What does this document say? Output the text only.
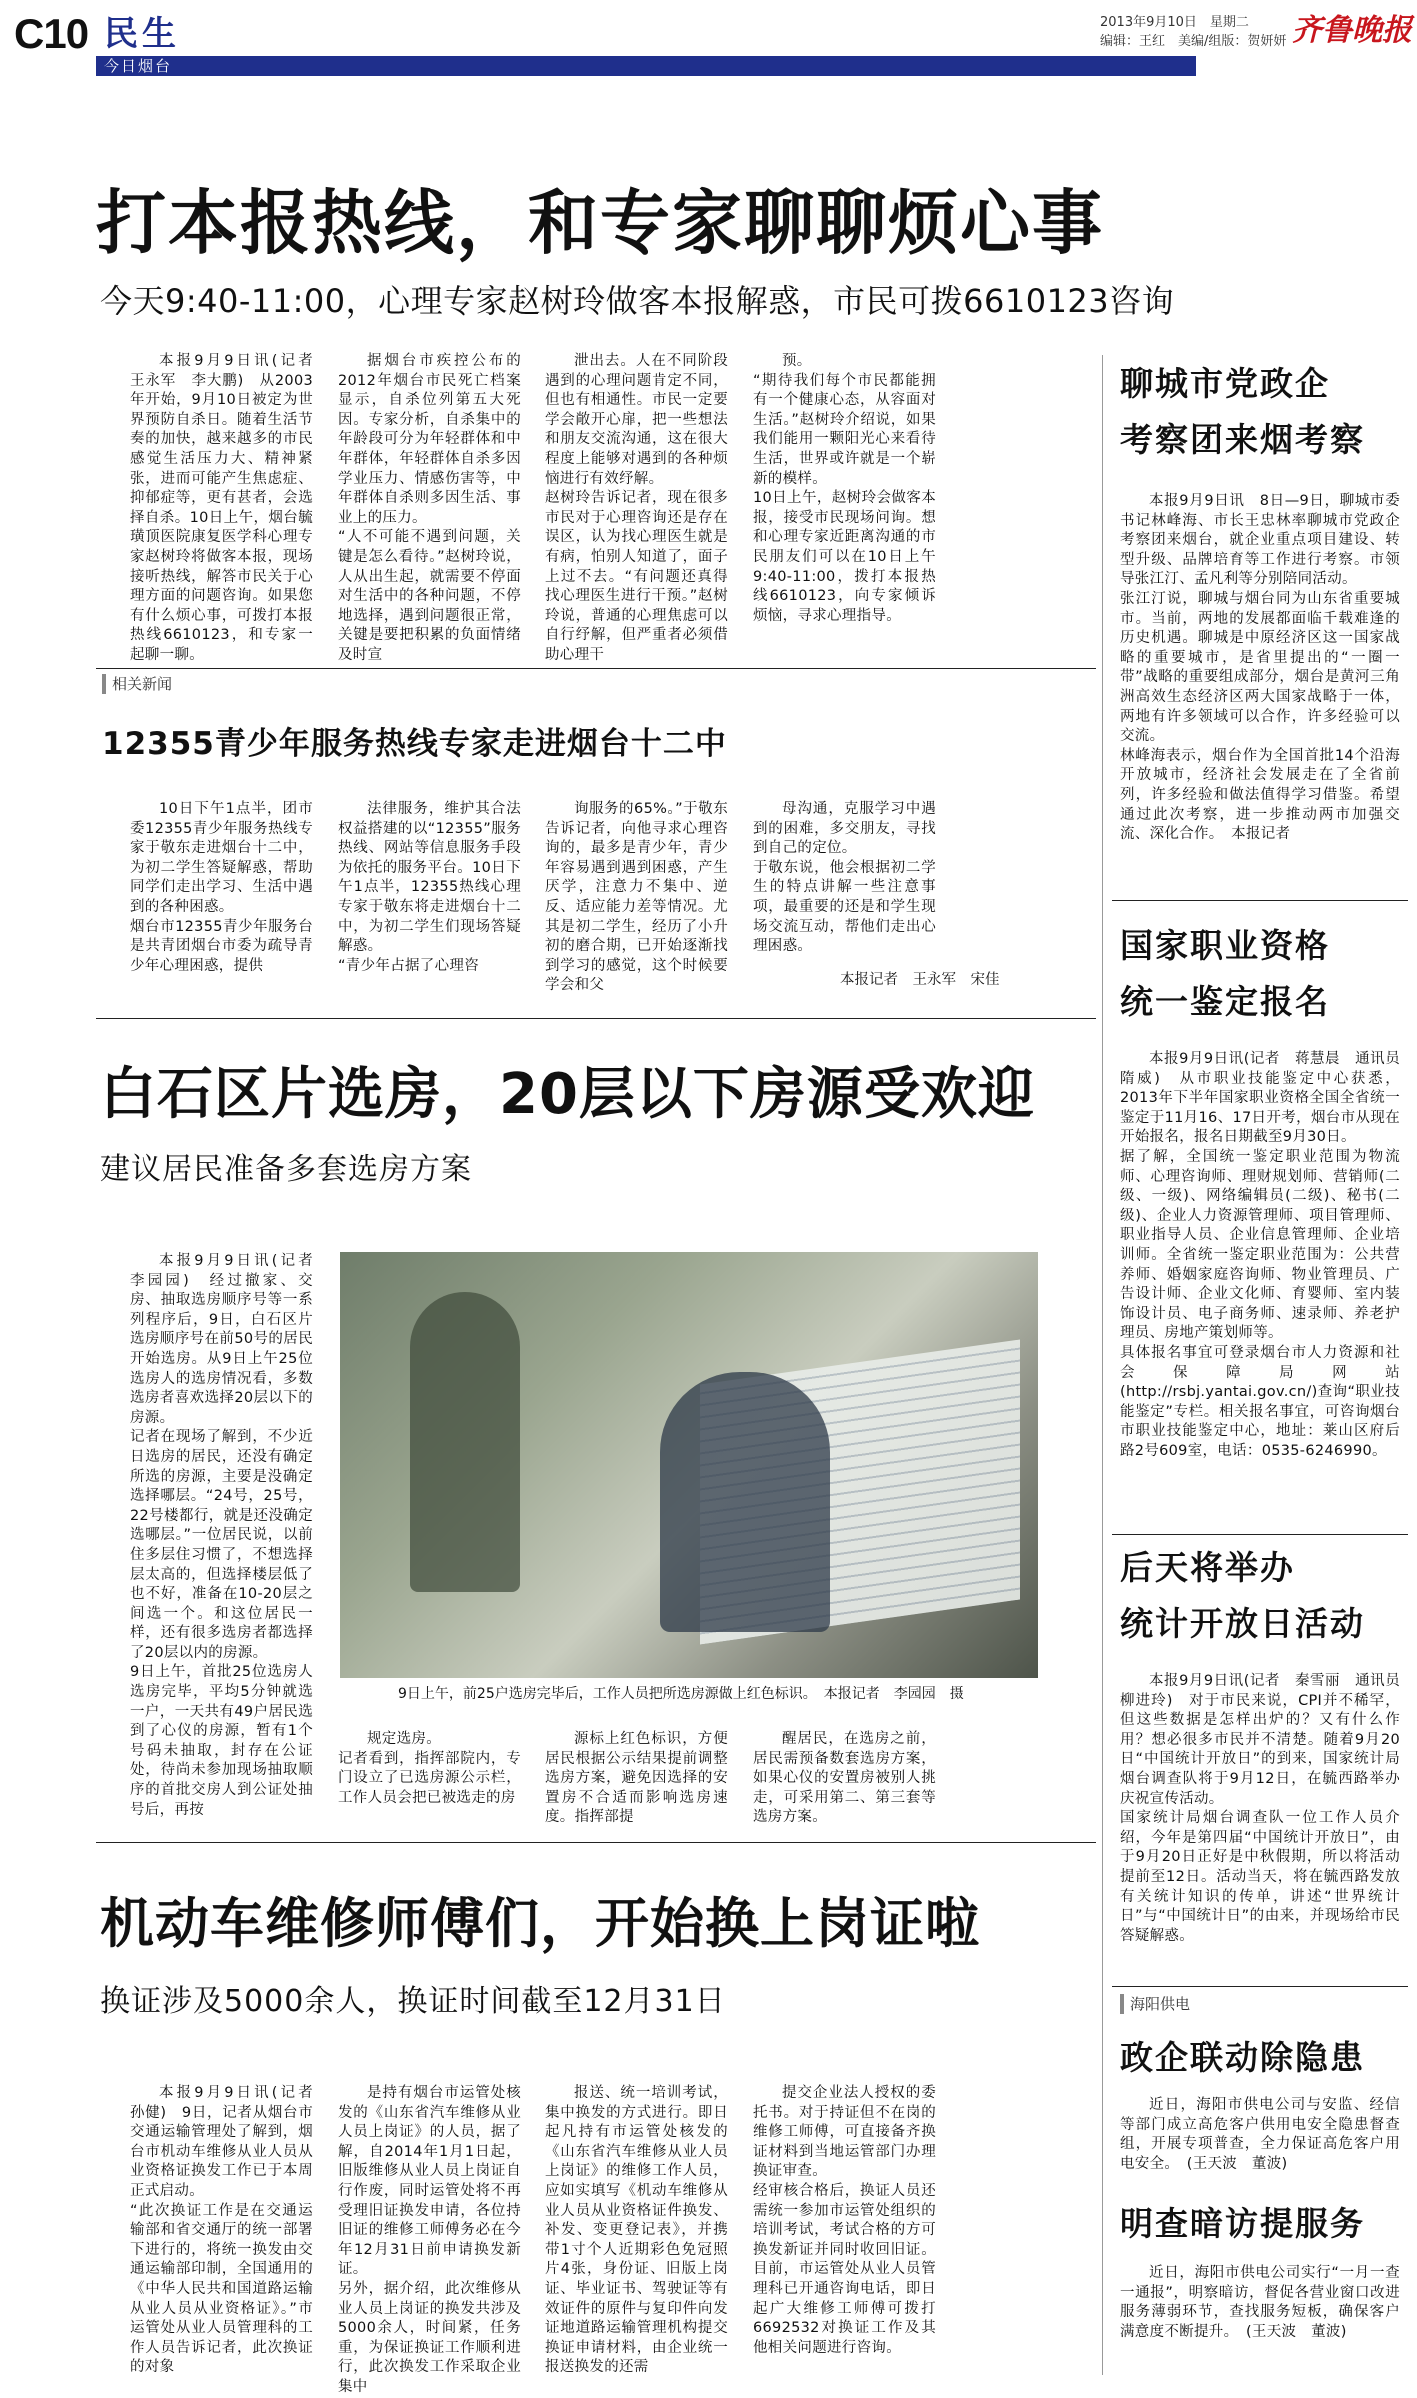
C10 民生
今日烟台
2013年9月10日　星期二
编辑：王红　美编/组版：贺妍妍 齐鲁晚报
打本报热线，和专家聊聊烦心事
今天9:40-11:00，心理专家赵树玲做客本报解惑，市民可拨6610123咨询

本报9月9日讯(记者　王永军　李大鹏)　从2003年开始，9月10日被定为世界预防自杀日。随着生活节奏的加快，越来越多的市民感觉生活压力大、精神紧张，进而可能产生焦虑症、抑郁症等，更有甚者，会选择自杀。10日上午，烟台毓璜顶医院康复医学科心理专家赵树玲将做客本报，现场接听热线，解答市民关于心理方面的问题咨询。如果您有什么烦心事，可拨打本报热线6610123，和专家一起聊一聊。

据烟台市疾控公布的2012年烟台市民死亡档案显示，自杀位列第五大死因。专家分析，自杀集中的年龄段可分为年轻群体和中年群体，年轻群体自杀多因学业压力、情感伤害等，中年群体自杀则多因生活、事业上的压力。
“人不可能不遇到问题，关键是怎么看待。”赵树玲说，人从出生起，就需要不停面对生活中的各种问题，不停地选择，遇到问题很正常，关键是要把积累的负面情绪及时宣

泄出去。人在不同阶段遇到的心理问题肯定不同，但也有相通性。市民一定要学会敞开心扉，把一些想法和朋友交流沟通，这在很大程度上能够对遇到的各种烦恼进行有效纾解。
赵树玲告诉记者，现在很多市民对于心理咨询还是存在误区，认为找心理医生就是有病，怕别人知道了，面子上过不去。“有问题还真得找心理医生进行干预。”赵树玲说，普通的心理焦虑可以自行纾解，但严重者必须借助心理干

预。
“期待我们每个市民都能拥有一个健康心态，从容面对生活。”赵树玲介绍说，如果我们能用一颗阳光心来看待生活，世界或许就是一个崭新的模样。
10日上午，赵树玲会做客本报，接受市民现场问询。想和心理专家近距离沟通的市民朋友们可以在10日上午9:40-11:00，拨打本报热线6610123，向专家倾诉烦恼，寻求心理指导。

相关新闻
12355青少年服务热线专家走进烟台十二中

10日下午1点半，团市委12355青少年服务热线专家于敬东走进烟台十二中，为初二学生答疑解惑，帮助同学们走出学习、生活中遇到的各种困惑。
烟台市12355青少年服务台是共青团烟台市委为疏导青少年心理困惑，提供

法律服务，维护其合法权益搭建的以“12355”服务热线、网站等信息服务手段为依托的服务平台。10日下午1点半，12355热线心理专家于敬东将走进烟台十二中，为初二学生们现场答疑解惑。
“青少年占据了心理咨

询服务的65%。”于敬东告诉记者，向他寻求心理咨询的，最多是青少年，青少年容易遇到遇到困惑，产生厌学，注意力不集中、逆反、适应能力差等情况。尤其是初二学生，经历了小升初的磨合期，已开始逐渐找到学习的感觉，这个时候要学会和父

母沟通，克服学习中遇到的困难，多交朋友，寻找到自己的定位。
于敬东说，他会根据初二学生的特点讲解一些注意事项，最重要的还是和学生现场交流互动，帮他们走出心理困惑。

本报记者　王永军　宋佳
白石区片选房，20层以下房源受欢迎
建议居民准备多套选房方案

本报9月9日讯(记者　李园园)　经过撤家、交房、抽取选房顺序号等一系列程序后，9日，白石区片选房顺序号在前50号的居民开始选房。从9日上午25位选房人的选房情况看，多数选房者喜欢选择20层以下的房源。
记者在现场了解到，不少近日选房的居民，还没有确定所选的房源，主要是没确定选择哪层。“24号，25号，22号楼都行，就是还没确定选哪层。”一位居民说，以前住多层住习惯了，不想选择层太高的，但选择楼层低了也不好，准备在10-20层之间选一个。和这位居民一样，还有很多选房者都选择了20层以内的房源。
9日上午，首批25位选房人选房完毕，平均5分钟就选一户，一天共有49户居民选到了心仪的房源，暂有1个号码未抽取，封存在公证处，待尚未参加现场抽取顺序的首批交房人到公证处抽号后，再按

9日上午，前25户选房完毕后，工作人员把所选房源做上红色标识。　本报记者　李园园　摄

规定选房。
记者看到，指挥部院内，专门设立了已选房源公示栏，工作人员会把已被选走的房

源标上红色标识，方便居民根据公示结果提前调整选房方案，避免因选择的安置房不合适而影响选房速度。指挥部提

醒居民，在选房之前，居民需预备数套选房方案，如果心仪的安置房被别人挑走，可采用第二、第三套等选房方案。

机动车维修师傅们，开始换上岗证啦
换证涉及5000余人，换证时间截至12月31日

本报9月9日讯(记者　孙健)　9日，记者从烟台市交通运输管理处了解到，烟台市机动车维修从业人员从业资格证换发工作已于本周正式启动。
“此次换证工作是在交通运输部和省交通厅的统一部署下进行的，将统一换发由交通运输部印制，全国通用的《中华人民共和国道路运输从业人员从业资格证》。”市运管处从业人员管理科的工作人员告诉记者，此次换证的对象

是持有烟台市运管处核发的《山东省汽车维修从业人员上岗证》的人员，据了解，自2014年1月1日起，旧版维修从业人员上岗证自行作废，同时运管处将不再受理旧证换发申请，各位持旧证的维修工师傅务必在今年12月31日前申请换发新证。
另外，据介绍，此次维修从业人员上岗证的换发共涉及5000余人，时间紧，任务重，为保证换证工作顺利进行，此次换发工作采取企业集中

报送、统一培训考试，集中换发的方式进行。即日起凡持有市运管处核发的《山东省汽车维修从业人员上岗证》的维修工作人员，应如实填写《机动车维修从业人员从业资格证件换发、补发、变更登记表》，并携带1寸个人近期彩色免冠照片4张，身份证、旧版上岗证、毕业证书、驾驶证等有效证件的原件与复印件向发证地道路运输管理机构提交换证申请材料，由企业统一报送换发的还需

提交企业法人授权的委托书。对于持证但不在岗的维修工师傅，可直接备齐换证材料到当地运管部门办理换证审查。
经审核合格后，换证人员还需统一参加市运管处组织的培训考试，考试合格的方可换发新证并同时收回旧证。目前，市运管处从业人员管理科已开通咨询电话，即日起广大维修工师傅可拨打6692532对换证工作及其他相关问题进行咨询。

聊城市党政企
考察团来烟考察

本报9月9日讯　8日—9日，聊城市委书记林峰海、市长王忠林率聊城市党政企考察团来烟台，就企业重点项目建设、转型升级、品牌培育等工作进行考察。市领导张江汀、孟凡利等分别陪同活动。
张江汀说，聊城与烟台同为山东省重要城市。当前，两地的发展都面临千载难逢的历史机遇。聊城是中原经济区这一国家战略的重要城市，是省里提出的“一圈一带”战略的重要组成部分，烟台是黄河三角洲高效生态经济区两大国家战略于一体，两地有许多领域可以合作，许多经验可以交流。
林峰海表示，烟台作为全国首批14个沿海开放城市，经济社会发展走在了全省前列，许多经验和做法值得学习借鉴。希望通过此次考察，进一步推动两市加强交流、深化合作。　本报记者

国家职业资格
统一鉴定报名

本报9月9日讯(记者　蒋慧晨　通讯员　隋威)　从市职业技能鉴定中心获悉，2013年下半年国家职业资格全国全省统一鉴定于11月16、17日开考，烟台市从现在开始报名，报名日期截至9月30日。
据了解，全国统一鉴定职业范围为物流师、心理咨询师、理财规划师、营销师(二级、一级)、网络编辑员(二级)、秘书(二级)、企业人力资源管理师、项目管理师、职业指导人员、企业信息管理师、企业培训师。全省统一鉴定职业范围为：公共营养师、婚姻家庭咨询师、物业管理员、广告设计师、企业文化师、育婴师、室内装饰设计员、电子商务师、速录师、养老护理员、房地产策划师等。
具体报名事宜可登录烟台市人力资源和社会保障局网站(http://rsbj.yantai.gov.cn/)查询“职业技能鉴定”专栏。相关报名事宜，可咨询烟台市职业技能鉴定中心，地址：莱山区府后路2号609室，电话：0535-6246990。

后天将举办
统计开放日活动

本报9月9日讯(记者　秦雪丽　通讯员　柳进玲)　对于市民来说，CPI并不稀罕，但这些数据是怎样出炉的？又有什么作用？想必很多市民并不清楚。随着9月20日“中国统计开放日”的到来，国家统计局烟台调查队将于9月12日，在毓西路举办庆祝宣传活动。
国家统计局烟台调查队一位工作人员介绍，今年是第四届“中国统计开放日”，由于9月20日正好是中秋假期，所以将活动提前至12日。活动当天，将在毓西路发放有关统计知识的传单，讲述“世界统计日”与“中国统计日”的由来，并现场给市民答疑解惑。

海阳供电
政企联动除隐患

近日，海阳市供电公司与安监、经信等部门成立高危客户供用电安全隐患督查组，开展专项普查，全力保证高危客户用电安全。　(王天波　董波)

明查暗访提服务

近日，海阳市供电公司实行“一月一查一通报”，明察暗访，督促各营业窗口改进服务薄弱环节，查找服务短板，确保客户满意度不断提升。　(王天波　董波)
